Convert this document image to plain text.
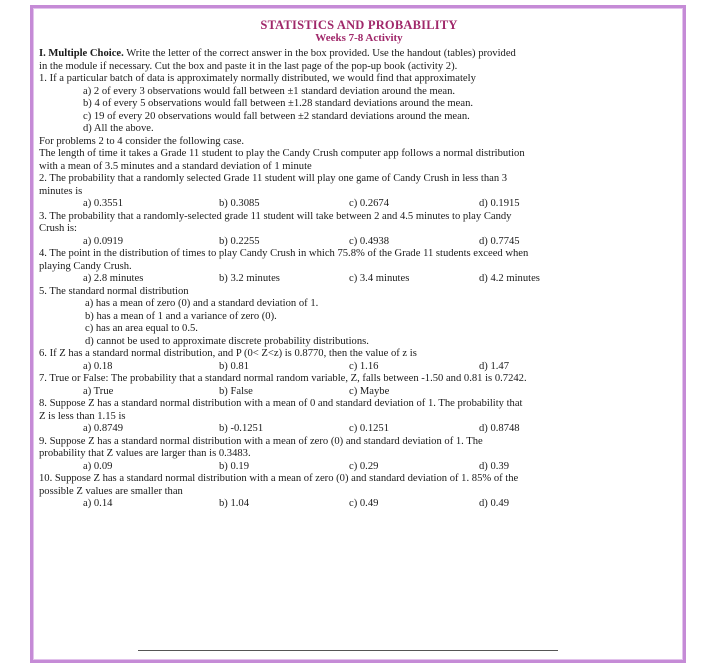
STATISTICS AND PROBABILITY
Weeks 7-8 Activity

I. Multiple Choice. Write the letter of the correct answer in the box provided. Use the handout (tables) provided

in the module if necessary. Cut the box and paste it in the last page of the pop-up book (activity 2).

1. If a particular batch of data is approximately normally distributed, we would find that approximately

a) 2 of every 3 observations would fall between ±1 standard deviation around the mean.

b) 4 of every 5 observations would fall between ±1.28 standard deviations around the mean.

c) 19 of every 20 observations would fall between ±2 standard deviations around the mean.

d) All the above.

For problems 2 to 4 consider the following case.

The length of time it takes a Grade 11 student to play the Candy Crush computer app follows a normal distribution

with a mean of 3.5 minutes and a standard deviation of 1 minute

2. The probability that a randomly selected Grade 11 student will play one game of Candy Crush in less than 3

minutes is

a) 0.3551	b) 0.3085	c) 0.2674	d) 0.1915

3. The probability that a randomly-selected grade 11 student will take between 2 and 4.5 minutes to play Candy

Crush is:

a) 0.0919	b) 0.2255	c) 0.4938	d) 0.7745

4. The point in the distribution of times to play Candy Crush in which 75.8% of the Grade 11 students exceed when

playing Candy Crush.

a) 2.8 minutes	b) 3.2 minutes	c) 3.4 minutes	d) 4.2 minutes

5. The standard normal distribution

a) has a mean of zero (0) and a standard deviation of 1.

b) has a mean of 1 and a variance of zero (0).

c) has an area equal to 0.5.

d) cannot be used to approximate discrete probability distributions.

6. If Z has a standard normal distribution, and P (0< Z<z) is 0.8770, then the value of z is

a) 0.18	b) 0.81	c) 1.16	d) 1.47

7. True or False: The probability that a standard normal random variable, Z, falls between -1.50 and 0.81 is 0.7242.

a) True	b) False	c) Maybe

8. Suppose Z has a standard normal distribution with a mean of 0 and standard deviation of 1. The probability that

Z is less than 1.15 is

a) 0.8749	b) -0.1251	c) 0.1251	d) 0.8748

9. Suppose Z has a standard normal distribution with a mean of zero (0) and standard deviation of 1. The

probability that Z values are larger than is 0.3483.

a) 0.09	b) 0.19	c) 0.29	d) 0.39

10. Suppose Z has a standard normal distribution with a mean of zero (0) and standard deviation of 1. 85% of the

possible Z values are smaller than

a) 0.14	b) 1.04	c) 0.49	d) 0.49
